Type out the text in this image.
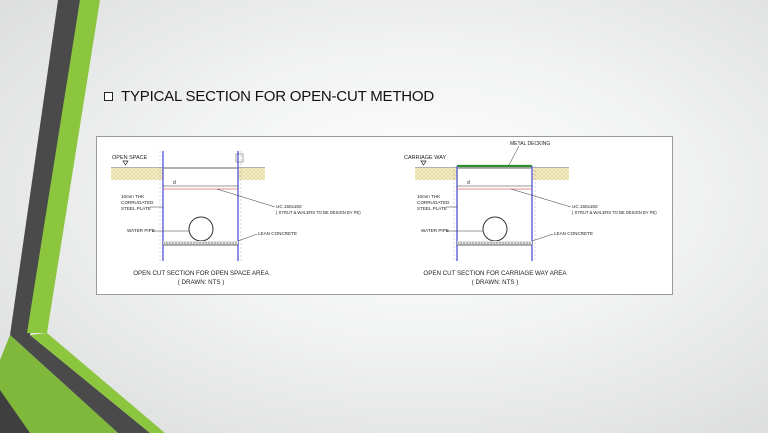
TYPICAL SECTION FOR OPEN-CUT METHOD
OPEN SPACE
d
10mm THK
CORRUGATED
STEEL PLATE	UC 150x150
( STRUT & WALERS TO BE DESIGN BY PE)
WATER PIPE
LEAN CONCRETE
OPEN CUT SECTION FOR OPEN SPACE AREA
( DRAWN: NTS )
METAL DECKING
CARRIAGE WAY
d
10mm THK
CORRUGATED
STEEL PLATE	UC 150x150
( STRUT & WALERS TO BE DESIGN BY PE)
WATER PIPE
LEAN CONCRETE
OPEN CUT SECTION FOR CARRIAGE WAY AREA
( DRAWN: NTS )
